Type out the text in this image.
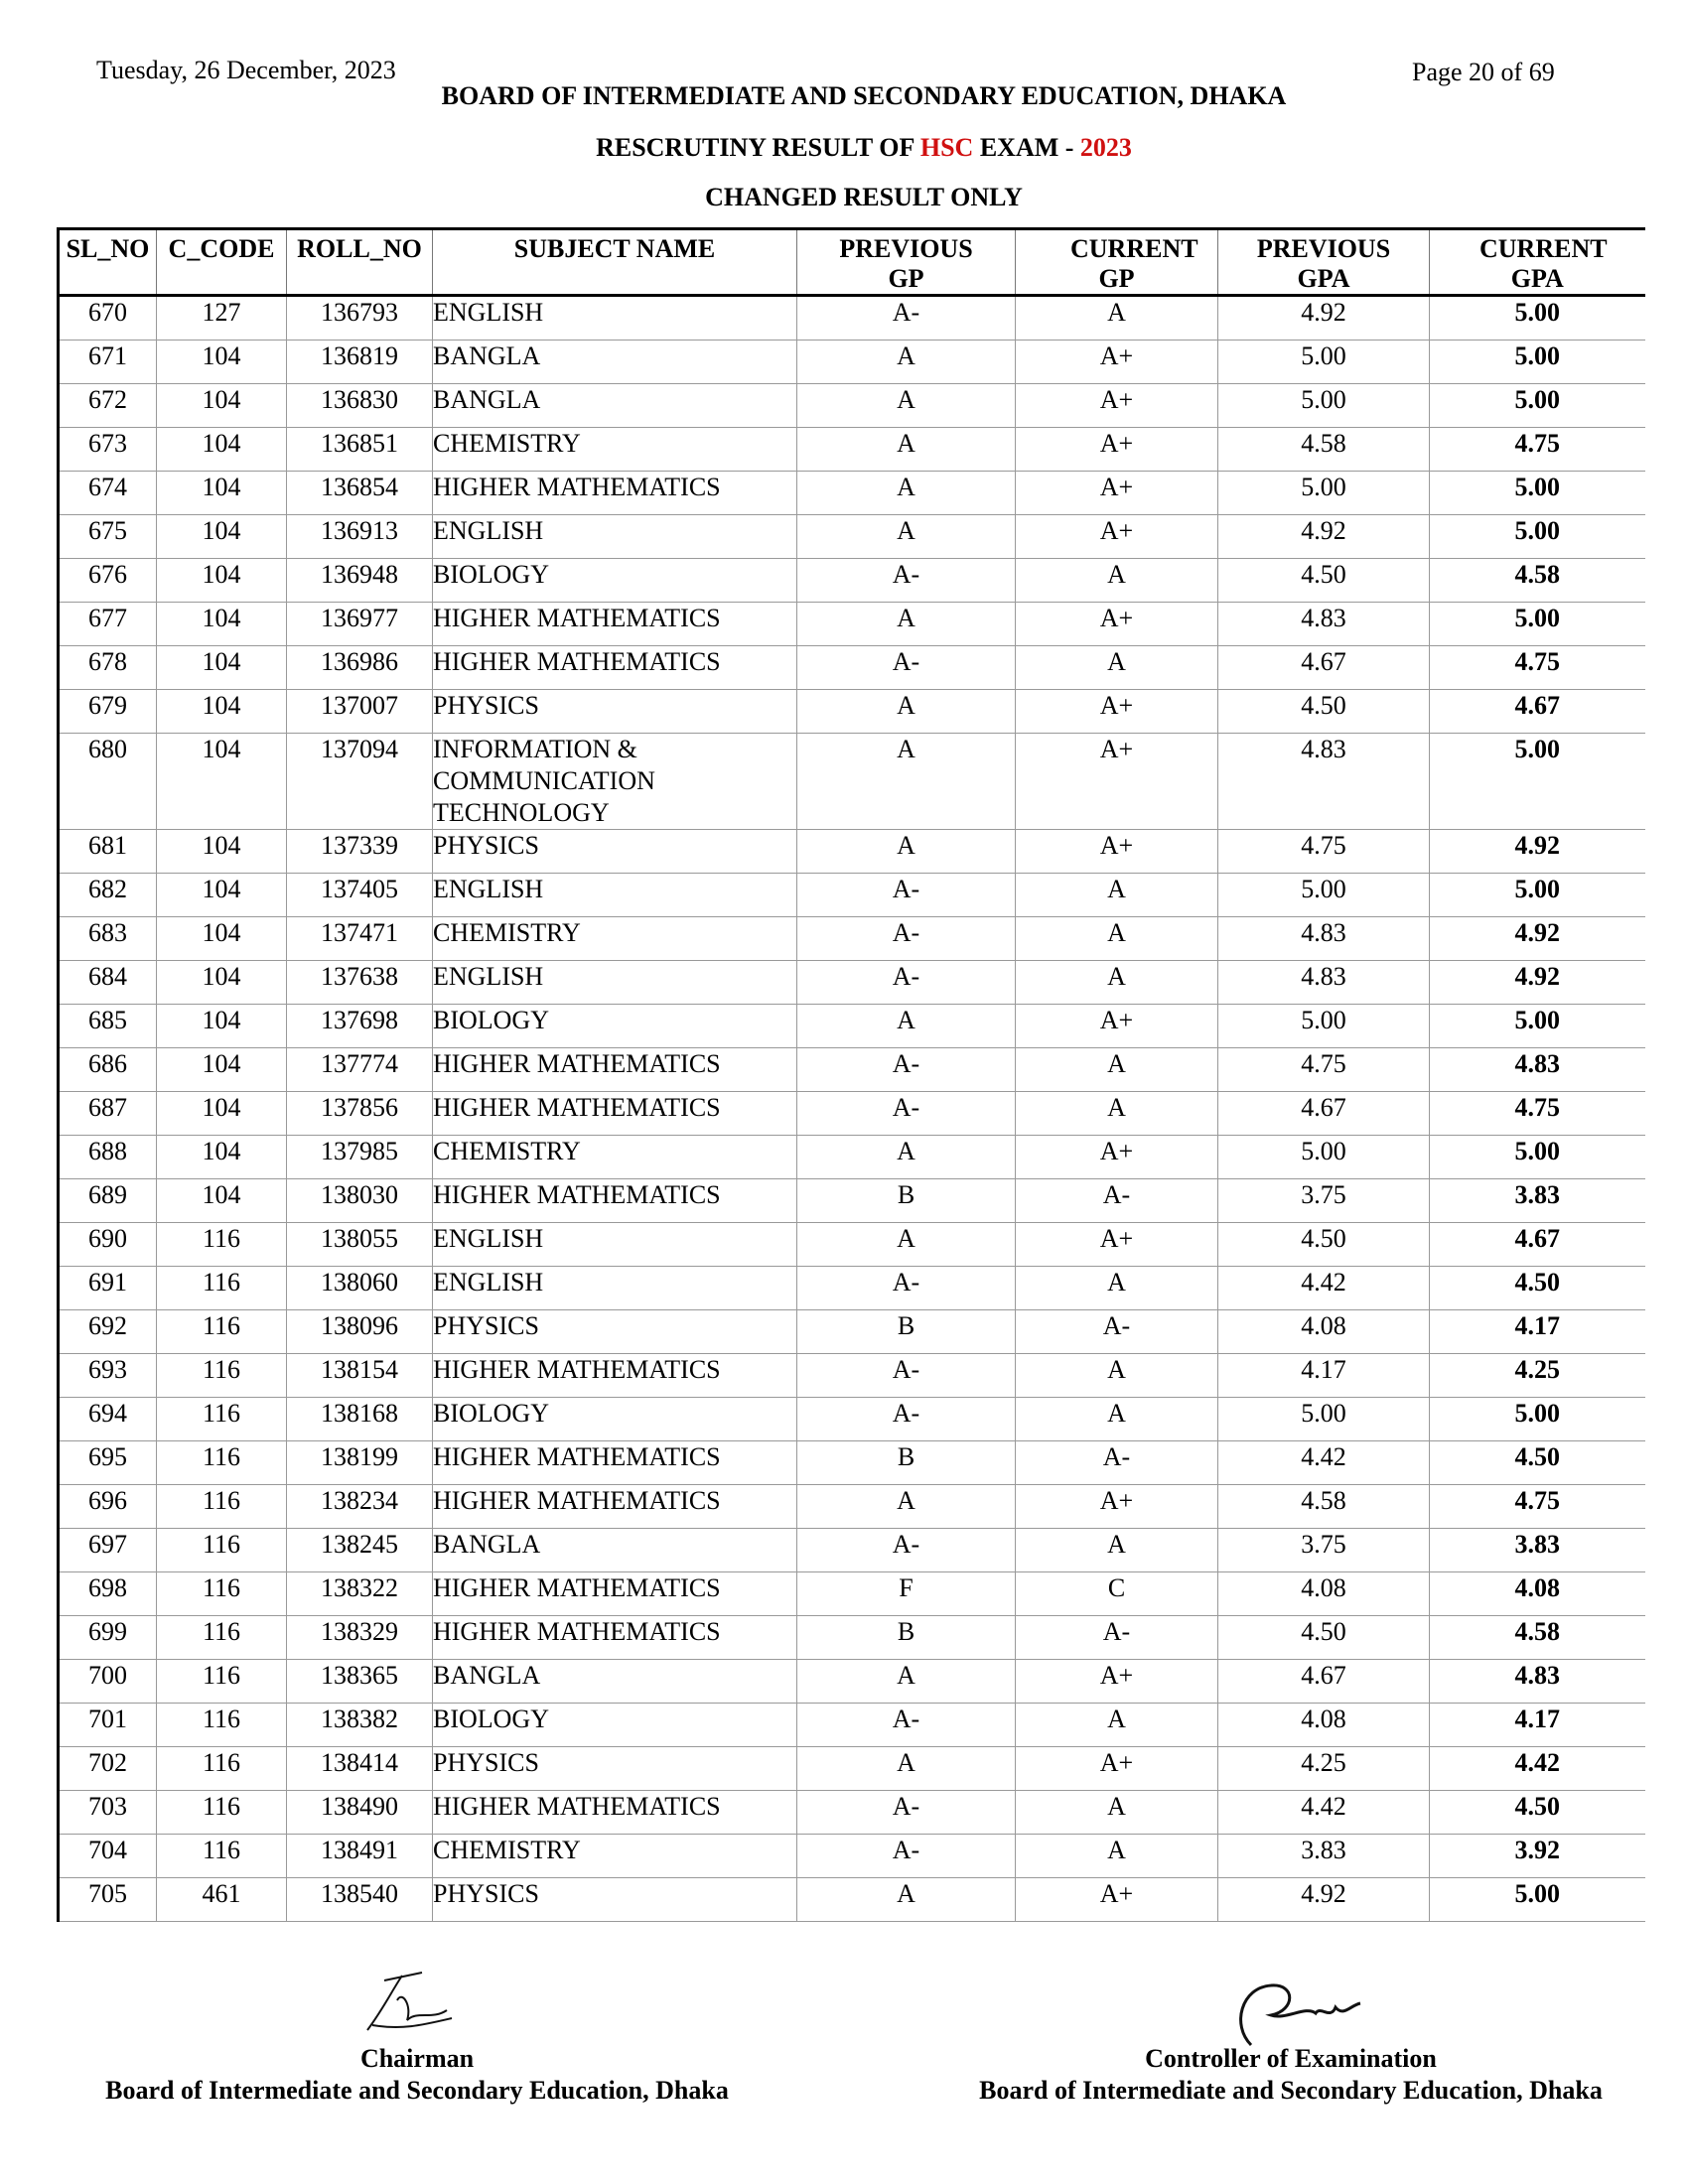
Tuesday, 26 December, 2023	Page 20 of 69
BOARD OF INTERMEDIATE AND SECONDARY EDUCATION, DHAKA
RESCRUTINY RESULT OF HSC EXAM - 2023
CHANGED RESULT ONLY
SL_NO	C_CODE	ROLL_NO	SUBJECT NAME	PREVIOUS GP	CURRENT GP	PREVIOUS GPA	CURRENT GPA
670	127	136793	ENGLISH	A-	A	4.92	5.00
671	104	136819	BANGLA	A	A+	5.00	5.00
672	104	136830	BANGLA	A	A+	5.00	5.00
673	104	136851	CHEMISTRY	A	A+	4.58	4.75
674	104	136854	HIGHER MATHEMATICS	A	A+	5.00	5.00
675	104	136913	ENGLISH	A	A+	4.92	5.00
676	104	136948	BIOLOGY	A-	A	4.50	4.58
677	104	136977	HIGHER MATHEMATICS	A	A+	4.83	5.00
678	104	136986	HIGHER MATHEMATICS	A-	A	4.67	4.75
679	104	137007	PHYSICS	A	A+	4.50	4.67
680	104	137094	INFORMATION & COMMUNICATION TECHNOLOGY	A	A+	4.83	5.00
681	104	137339	PHYSICS	A	A+	4.75	4.92
682	104	137405	ENGLISH	A-	A	5.00	5.00
683	104	137471	CHEMISTRY	A-	A	4.83	4.92
684	104	137638	ENGLISH	A-	A	4.83	4.92
685	104	137698	BIOLOGY	A	A+	5.00	5.00
686	104	137774	HIGHER MATHEMATICS	A-	A	4.75	4.83
687	104	137856	HIGHER MATHEMATICS	A-	A	4.67	4.75
688	104	137985	CHEMISTRY	A	A+	5.00	5.00
689	104	138030	HIGHER MATHEMATICS	B	A-	3.75	3.83
690	116	138055	ENGLISH	A	A+	4.50	4.67
691	116	138060	ENGLISH	A-	A	4.42	4.50
692	116	138096	PHYSICS	B	A-	4.08	4.17
693	116	138154	HIGHER MATHEMATICS	A-	A	4.17	4.25
694	116	138168	BIOLOGY	A-	A	5.00	5.00
695	116	138199	HIGHER MATHEMATICS	B	A-	4.42	4.50
696	116	138234	HIGHER MATHEMATICS	A	A+	4.58	4.75
697	116	138245	BANGLA	A-	A	3.75	3.83
698	116	138322	HIGHER MATHEMATICS	F	C	4.08	4.08
699	116	138329	HIGHER MATHEMATICS	B	A-	4.50	4.58
700	116	138365	BANGLA	A	A+	4.67	4.83
701	116	138382	BIOLOGY	A-	A	4.08	4.17
702	116	138414	PHYSICS	A	A+	4.25	4.42
703	116	138490	HIGHER MATHEMATICS	A-	A	4.42	4.50
704	116	138491	CHEMISTRY	A-	A	3.83	3.92
705	461	138540	PHYSICS	A	A+	4.92	5.00
Chairman
Board of Intermediate and Secondary Education, Dhaka
Controller of Examination
Board of Intermediate and Secondary Education, Dhaka
